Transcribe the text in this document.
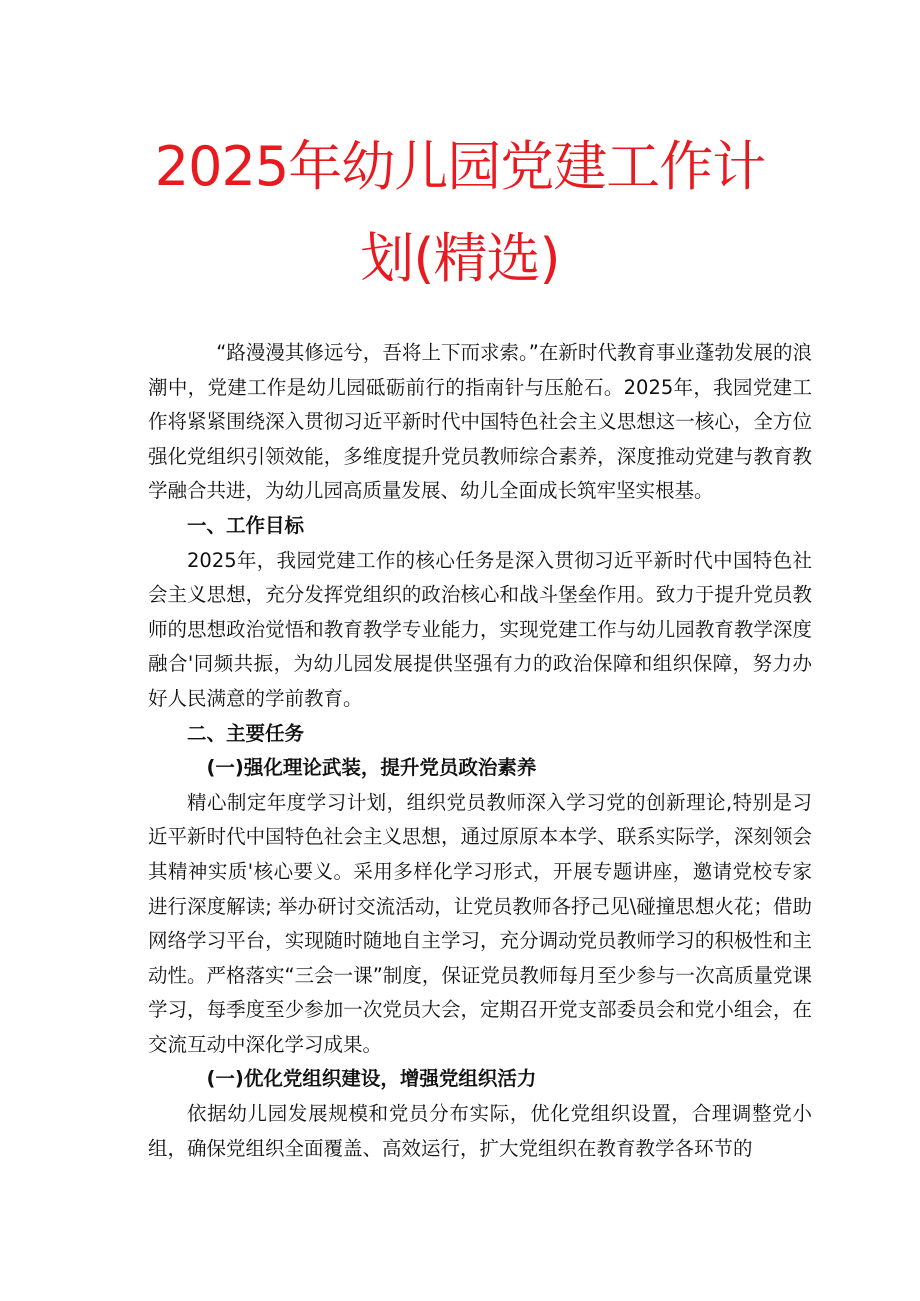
2025年幼儿园党建工作计
划(精选)

“路漫漫其修远兮，吾将上下而求索。”在新时代教育事业蓬勃发展的浪潮中，党建工作是幼儿园砥砺前行的指南针与压舱石。2025年，我园党建工作将紧紧围绕深入贯彻习近平新时代中国特色社会主义思想这一核心，全方位强化党组织引领效能，多维度提升党员教师综合素养，深度推动党建与教育教学融合共进，为幼儿园高质量发展、幼儿全面成长筑牢坚实根基。

一、工作目标

2025年，我园党建工作的核心任务是深入贯彻习近平新时代中国特色社会主义思想，充分发挥党组织的政治核心和战斗堡垒作用。致力于提升党员教师的思想政治觉悟和教育教学专业能力，实现党建工作与幼儿园教育教学深度融合'同频共振，为幼儿园发展提供坚强有力的政治保障和组织保障，努力办好人民满意的学前教育。

二、主要任务

(一)强化理论武装，提升党员政治素养

精心制定年度学习计划，组织党员教师深入学习党的创新理论,特别是习近平新时代中国特色社会主义思想，通过原原本本学、联系实际学，深刻领会其精神实质'核心要义。采用多样化学习形式，开展专题讲座，邀请党校专家进行深度解读; 举办研讨交流活动，让党员教师各抒己见\碰撞思想火花；借助网络学习平台，实现随时随地自主学习，充分调动党员教师学习的积极性和主动性。严格落实“三会一课”制度，保证党员教师每月至少参与一次高质量党课学习，每季度至少参加一次党员大会，定期召开党支部委员会和党小组会，在交流互动中深化学习成果。

(一)优化党组织建设，增强党组织活力

依据幼儿园发展规模和党员分布实际，优化党组织设置，合理调整党小组，确保党组织全面覆盖、高效运行，扩大党组织在教育教学各环节的
